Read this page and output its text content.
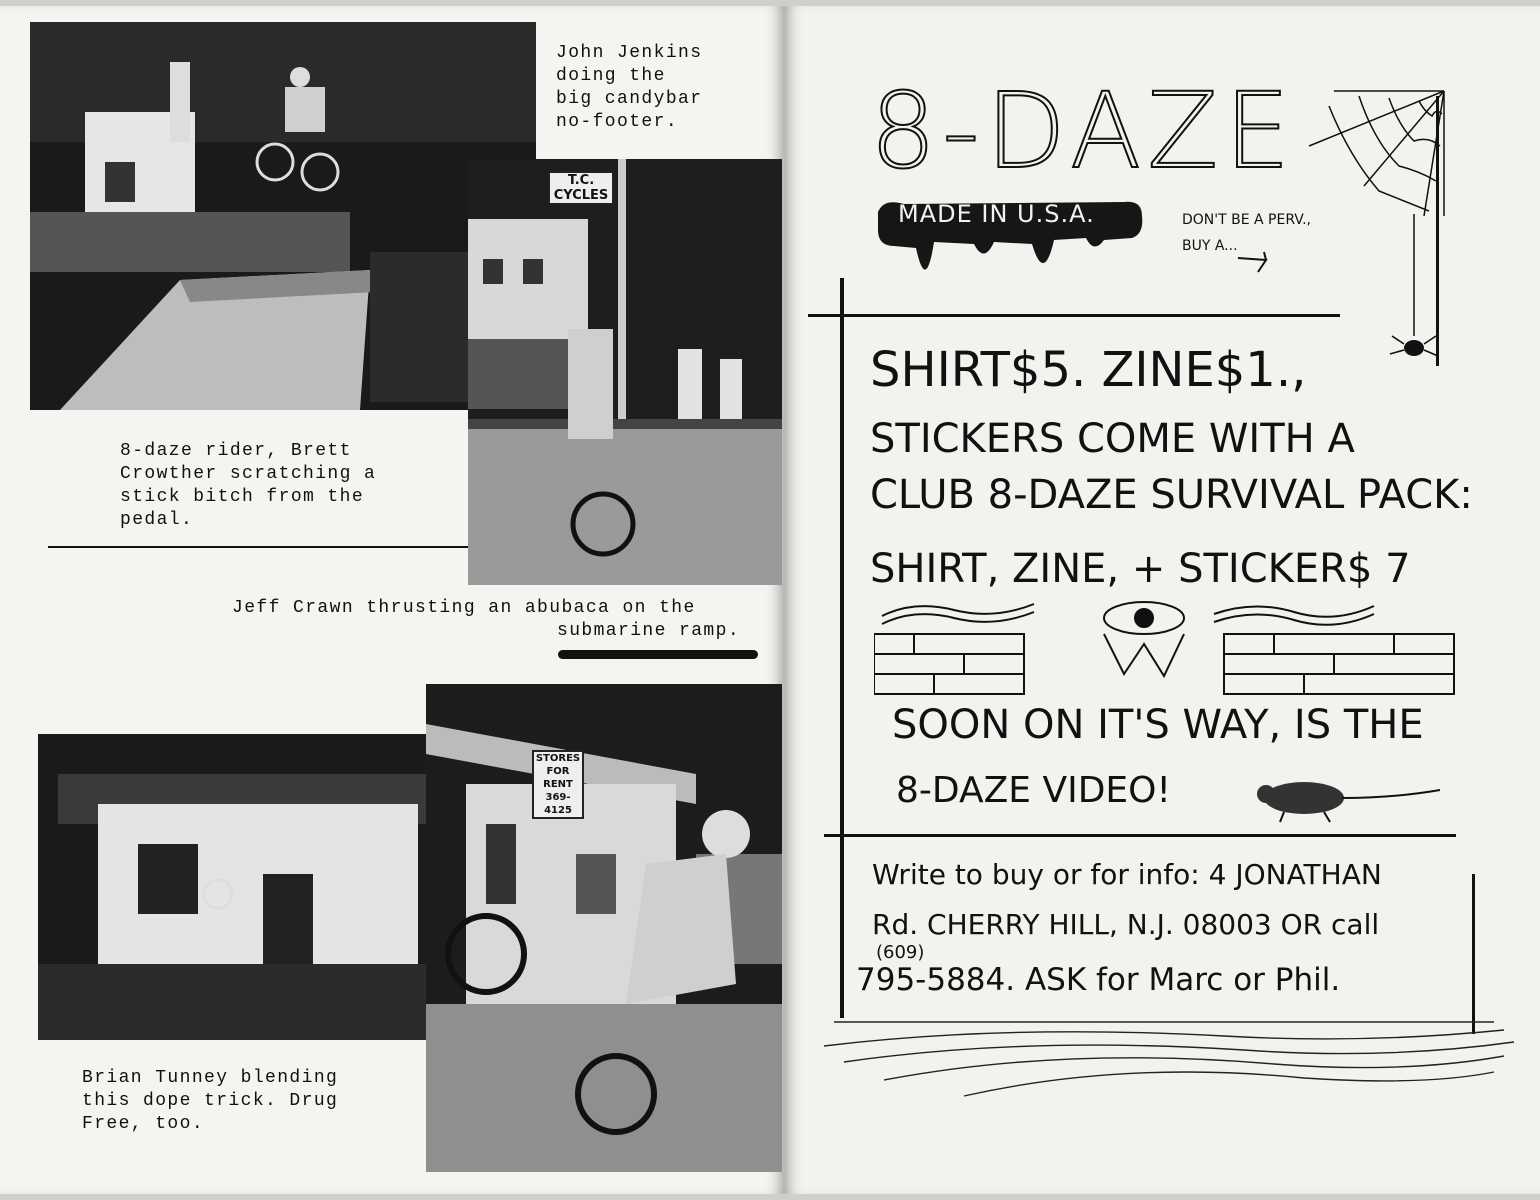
John Jenkins
doing the
big candybar
no-footer.
T.C.
CYCLES
8-daze rider, Brett
Crowther scratching a
stick bitch from the
pedal.
Jeff Crawn thrusting an abubaca on the
submarine ramp.
STORES
FOR RENT
369-4125
Brian Tunney blending
this dope trick. Drug
Free, too.
8-DAZE
MADE IN U.S.A.	DON'T BE A PERV.,
BUY A...
SHIRT$5. ZINE$1.,
STICKERS COME WITH A
CLUB 8-DAZE SURVIVAL PACK:
SHIRT, ZINE, + STICKER$ 7
SOON ON IT'S WAY, IS THE
8-DAZE VIDEO!
Write to buy or for info: 4 JONATHAN
Rd. CHERRY HILL, N.J. 08003 OR call
(609)
795-5884. ASK for Marc or Phil.
